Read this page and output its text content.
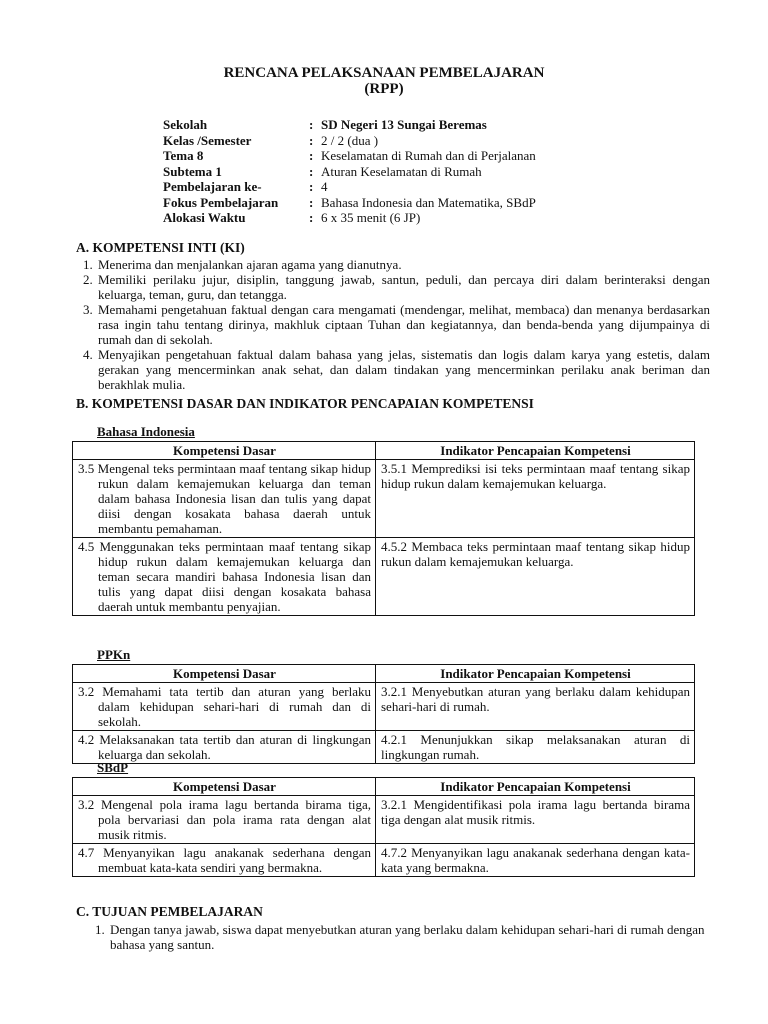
RENCANA PELAKSANAAN PEMBELAJARAN
(RPP)
Sekolah	:	SD Negeri 13 Sungai Beremas
Kelas /Semester	:	2 / 2 (dua )
Tema 8	:	Keselamatan di Rumah dan di Perjalanan
Subtema 1	:	Aturan Keselamatan di Rumah
Pembelajaran ke-	:	4
Fokus Pembelajaran	:	Bahasa Indonesia dan Matematika, SBdP
Alokasi Waktu	:	6 x 35 menit (6 JP)
A. KOMPETENSI INTI (KI)
1. Menerima dan menjalankan ajaran agama yang dianutnya.
2. Memiliki perilaku jujur, disiplin, tanggung jawab, santun, peduli, dan percaya diri dalam berinteraksi dengan keluarga, teman, guru, dan tetangga.
3. Memahami pengetahuan faktual dengan cara mengamati (mendengar, melihat, membaca) dan menanya berdasarkan rasa ingin tahu tentang dirinya, makhluk ciptaan Tuhan dan kegiatannya, dan benda-benda yang dijumpainya di rumah dan di sekolah.
4. Menyajikan pengetahuan faktual dalam bahasa yang jelas, sistematis dan logis dalam karya yang estetis, dalam gerakan yang mencerminkan anak sehat, dan dalam tindakan yang mencerminkan perilaku anak beriman dan berakhlak mulia.
B. KOMPETENSI DASAR DAN INDIKATOR PENCAPAIAN KOMPETENSI
Bahasa Indonesia
Kompetensi Dasar	Indikator Pencapaian Kompetensi

3.5 Mengenal teks permintaan maaf tentang sikap hidup rukun dalam kemajemukan keluarga dan teman dalam bahasa Indonesia lisan dan tulis yang dapat diisi dengan kosakata bahasa daerah untuk membantu pemahaman.	3.5.1 Memprediksi isi teks permintaan maaf tentang sikap hidup rukun dalam kemajemukan keluarga.

4.5 Menggunakan teks permintaan maaf tentang sikap hidup rukun dalam kemajemukan keluarga dan teman secara mandiri bahasa Indonesia lisan dan tulis yang dapat diisi dengan kosakata bahasa daerah untuk membantu penyajian.	4.5.2 Membaca teks permintaan maaf tentang sikap hidup rukun dalam kemajemukan keluarga.
PPKn
Kompetensi Dasar	Indikator Pencapaian Kompetensi

3.2 Memahami tata tertib dan aturan yang berlaku dalam kehidupan sehari-hari di rumah dan di sekolah.	3.2.1 Menyebutkan aturan yang berlaku dalam kehidupan sehari-hari di rumah.

4.2 Melaksanakan tata tertib dan aturan di lingkungan keluarga dan sekolah.	4.2.1 Menunjukkan sikap melaksanakan aturan di lingkungan rumah.
SBdP
Kompetensi Dasar	Indikator Pencapaian Kompetensi

3.2 Mengenal pola irama lagu bertanda birama tiga, pola bervariasi dan pola irama rata dengan alat musik ritmis.	3.2.1 Mengidentifikasi pola irama lagu bertanda birama tiga dengan alat musik ritmis.

4.7 Menyanyikan lagu anakanak sederhana dengan membuat kata-kata sendiri yang bermakna.	4.7.2 Menyanyikan lagu anakanak sederhana dengan kata-kata yang bermakna.
C. TUJUAN PEMBELAJARAN
1. Dengan tanya jawab, siswa dapat menyebutkan aturan yang berlaku dalam kehidupan sehari-hari di rumah dengan bahasa yang santun.
